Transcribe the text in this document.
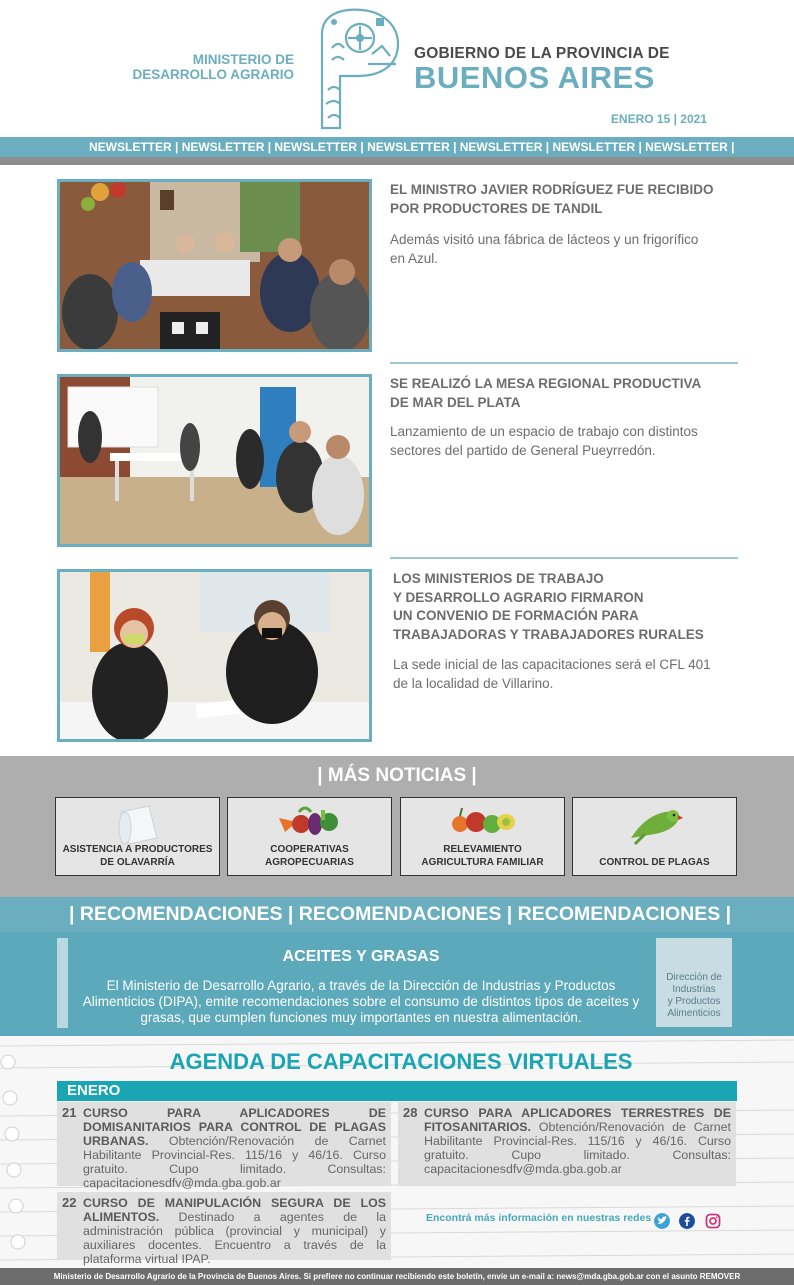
MINISTERIO DE
DESARROLLO AGRARIO
GOBIERNO DE LA PROVINCIA DE
BUENOS AIRES
ENERO 15 | 2021
NEWSLETTER | NEWSLETTER | NEWSLETTER | NEWSLETTER | NEWSLETTER | NEWSLETTER | NEWSLETTER |
EL MINISTRO JAVIER RODRÍGUEZ FUE RECIBIDO
POR PRODUCTORES DE TANDIL
Además visitó una fábrica de lácteos y un frigorífico
en Azul.
SE REALIZÓ LA MESA REGIONAL PRODUCTIVA
DE MAR DEL PLATA
Lanzamiento de un espacio de trabajo con distintos
sectores del partido de General Pueyrredón.
LOS MINISTERIOS DE TRABAJO
Y DESARROLLO AGRARIO FIRMARON
UN CONVENIO DE FORMACIÓN PARA
TRABAJADORAS Y TRABAJADORES RURALES
La sede inicial de las capacitaciones será el CFL 401
de la localidad de Villarino.
| MÁS NOTICIAS |
ASISTENCIA A PRODUCTORES
DE OLAVARRÍA
COOPERATIVAS
AGROPECUARIAS
RELEVAMIENTO
AGRICULTURA FAMILIAR	CONTROL DE PLAGAS
| RECOMENDACIONES | RECOMENDACIONES | RECOMENDACIONES |
ACEITES Y GRASAS
El Ministerio de Desarrollo Agrario, a través de la Dirección de Industrias y Productos
Alimenticios (DIPA), emite recomendaciones sobre el consumo de distintos tipos de aceites y
grasas, que cumplen funciones muy importantes en nuestra alimentación.
Dirección de
Industrias
y Productos
Alimenticios
AGENDA DE CAPACITACIONES VIRTUALES
ENERO
21 CURSO PARA APLICADORES DE DOMISANITARIOS PARA CONTROL DE PLAGAS URBANAS. Obtención/Renovación de Carnet Habilitante Provincial-Res. 115/16 y 46/16. Curso gratuito. Cupo limitado. Consultas: capacitacionesdfv@mda.gba.gob.ar
28 CURSO PARA APLICADORES TERRESTRES DE FITOSANITARIOS. Obtención/Renovación de Carnet Habilitante Provincial-Res. 115/16 y 46/16. Curso gratuito. Cupo limitado. Consultas: capacitacionesdfv@mda.gba.gob.ar
22 CURSO DE MANIPULACIÓN SEGURA DE LOS ALIMENTOS. Destinado a agentes de la administración pública (provincial y municipal) y auxiliares docentes. Encuentro a través de la plataforma virtual IPAP.
Encontrá más información en nuestras redes
Ministerio de Desarrollo Agrario de la Provincia de Buenos Aires. Si prefiere no continuar recibiendo este boletín, envíe un e-mail a: news@mda.gba.gob.ar con el asunto REMOVER
